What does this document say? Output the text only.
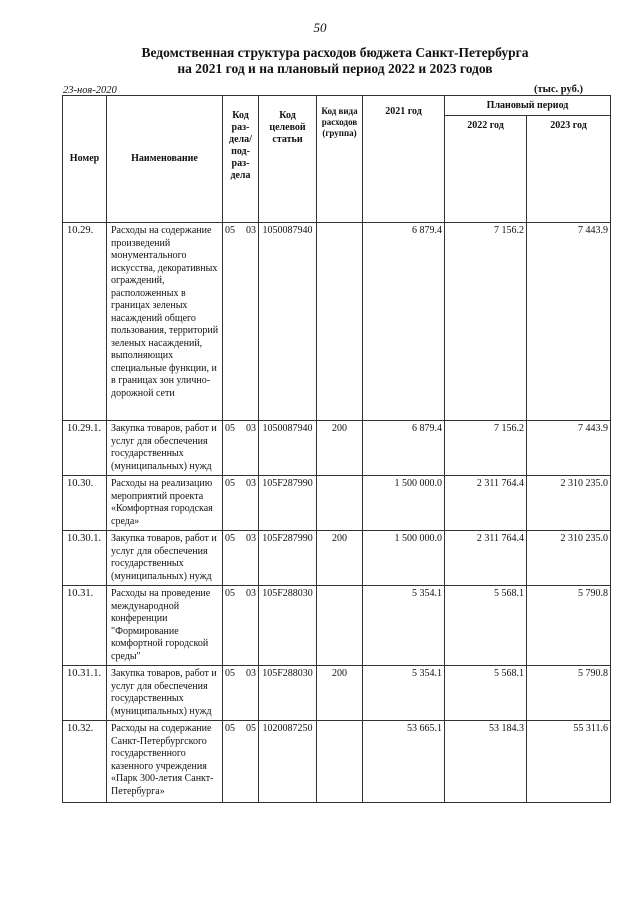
50
Ведомственная структура расходов бюджета Санкт-Петербурга
на 2021 год и на плановый период 2022 и 2023 годов
23-ноя-2020	(тыс. руб.)
Номер	Наименование	Код раз- дела/ под- раз- дела	Код целевой статьи	Код вида расходов (группа)	2021 год	Плановый период	
						2022 год	2023 год
10.29.	Расходы на содержание произведений монументального искусства, декоративных ограждений, расположенных в границах зеленых насаждений общего пользования, территорий зеленых насаждений, выполняющих специальные функции, и в границах зон улично-дорожной сети	05 03	1050087940		6 879.4	7 156.2	7 443.9
10.29.1.	Закупка товаров, работ и услуг для обеспечения государственных (муниципальных) нужд	05 03	1050087940	200	6 879.4	7 156.2	7 443.9
10.30.	Расходы на реализацию мероприятий проекта «Комфортная городская среда»	05 03	105F287990		1 500 000.0	2 311 764.4	2 310 235.0
10.30.1.	Закупка товаров, работ и услуг для обеспечения государственных (муниципальных) нужд	05 03	105F287990	200	1 500 000.0	2 311 764.4	2 310 235.0
10.31.	Расходы на проведение международной конференции "Формирование комфортной городской среды"	05 03	105F288030		5 354.1	5 568.1	5 790.8
10.31.1.	Закупка товаров, работ и услуг для обеспечения государственных (муниципальных) нужд	05 03	105F288030	200	5 354.1	5 568.1	5 790.8
10.32.	Расходы на содержание Санкт-Петербургского государственного казенного учреждения «Парк 300-летия Санкт-Петербурга»	05 05	1020087250		53 665.1	53 184.3	55 311.6
